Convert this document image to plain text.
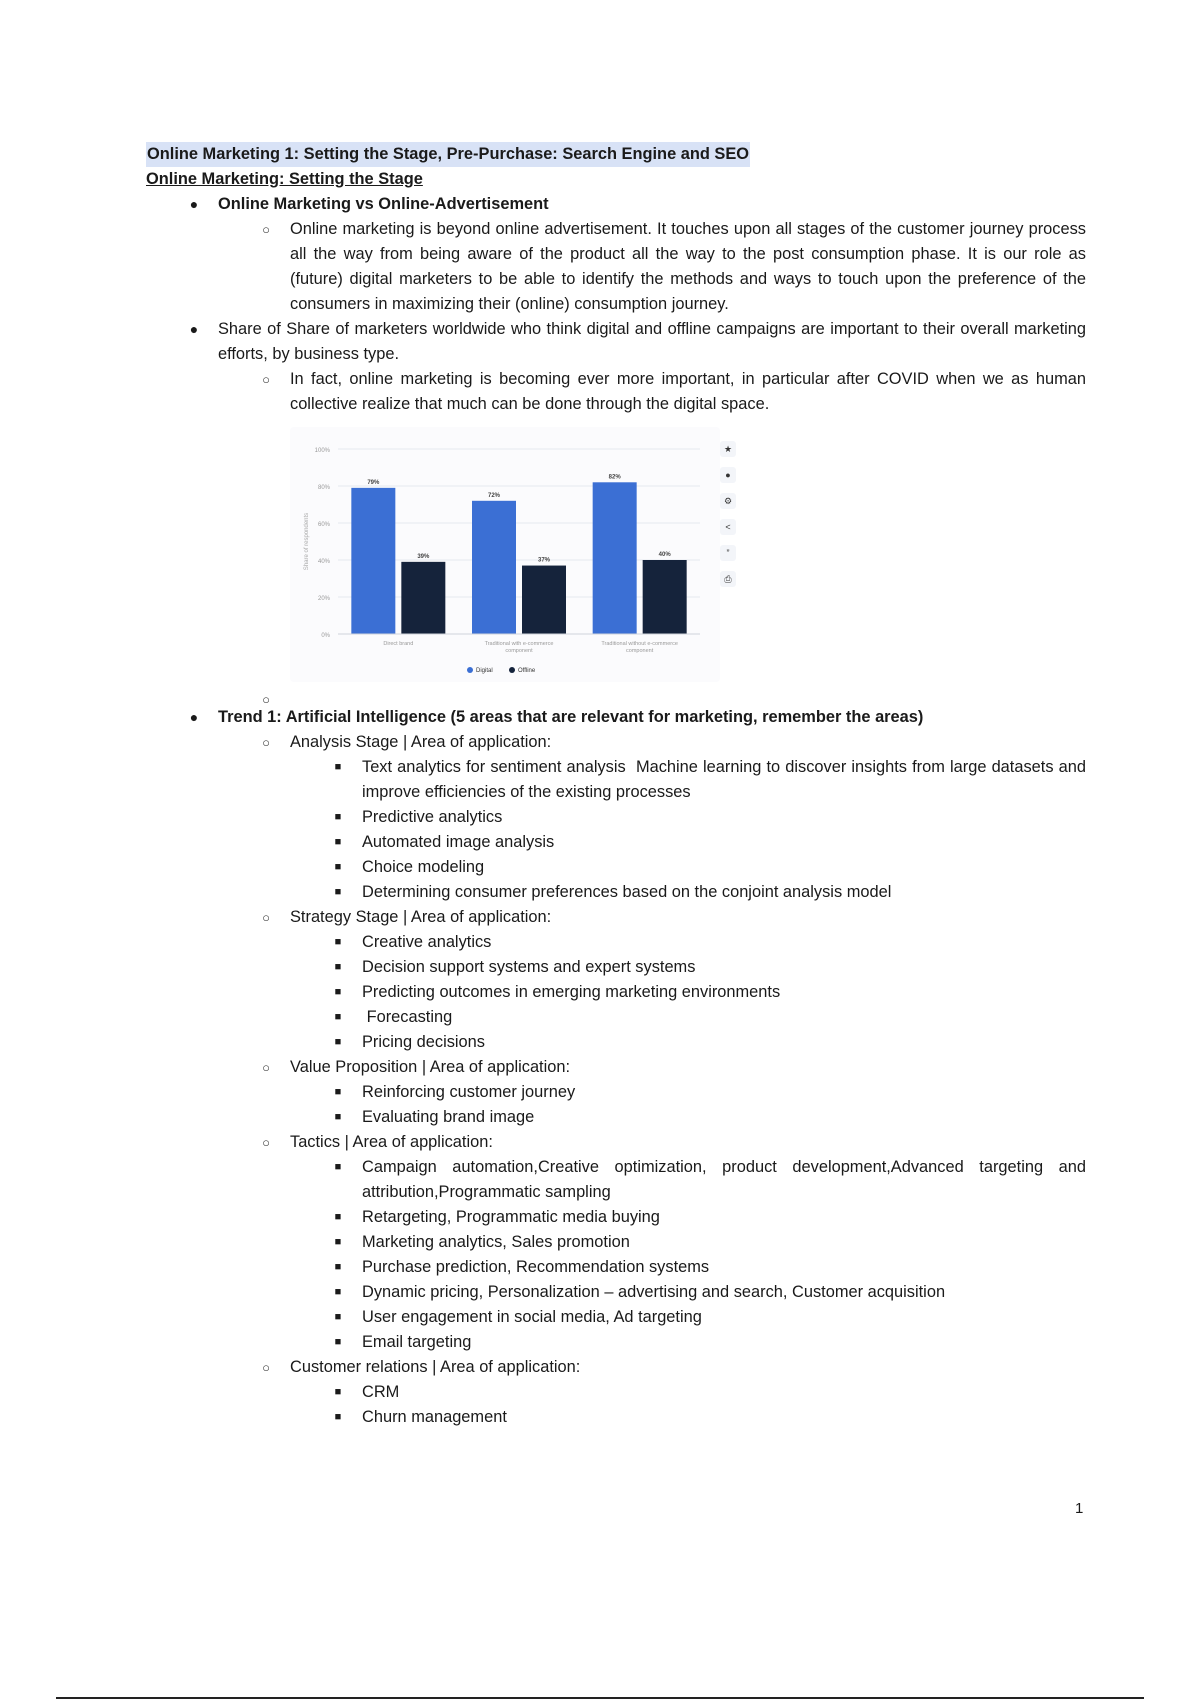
Online Marketing 1: Setting the Stage, Pre-Purchase: Search Engine and SEO
Online Marketing: Setting the Stage
●	Online Marketing vs Online-Advertisement
○	Online marketing is beyond online advertisement. It touches upon all stages of the customer journey process all the way from being aware of the product all the way to the post consumption phase. It is our role as (future) digital marketers to be able to identify the methods and ways to touch upon the preference of the consumers in maximizing their (online) consumption journey.
●	Share of Share of marketers worldwide who think digital and offline campaigns are important to their overall marketing efforts, by business type.
○	In fact, online marketing is becoming ever more important, in particular after COVID when we as human collective realize that much can be done through the digital space.
0%
20%
40%
60%
80%
100%
Share of respondents
79%
39%
Direct brand
72%
37%
Traditional with e-commerce
component
82%
40%
Traditional without e-commerce
component
Digital	Offline
★
●
⚙
<
”
⎙
○
●	Trend 1: Artificial Intelligence (5 areas that are relevant for marketing, remember the areas)
○	Analysis Stage | Area of application:
■	Text analytics for sentiment analysis  Machine learning to discover insights from large datasets and improve efficiencies of the existing processes
■	Predictive analytics
■	Automated image analysis
■	Choice modeling
■	Determining consumer preferences based on the conjoint analysis model
○	Strategy Stage | Area of application:
■	Creative analytics
■	Decision support systems and expert systems
■	Predicting outcomes in emerging marketing environments
■	Forecasting
■	Pricing decisions
○	Value Proposition | Area of application:
■	Reinforcing customer journey
■	Evaluating brand image
○	Tactics | Area of application:
■	Campaign automation,Creative optimization, product development,Advanced targeting and attribution,Programmatic sampling
■	Retargeting, Programmatic media buying
■	Marketing analytics, Sales promotion
■	Purchase prediction, Recommendation systems
■	Dynamic pricing, Personalization – advertising and search, Customer acquisition
■	User engagement in social media, Ad targeting
■	Email targeting
○	Customer relations | Area of application:
■	CRM
■	Churn management
1
